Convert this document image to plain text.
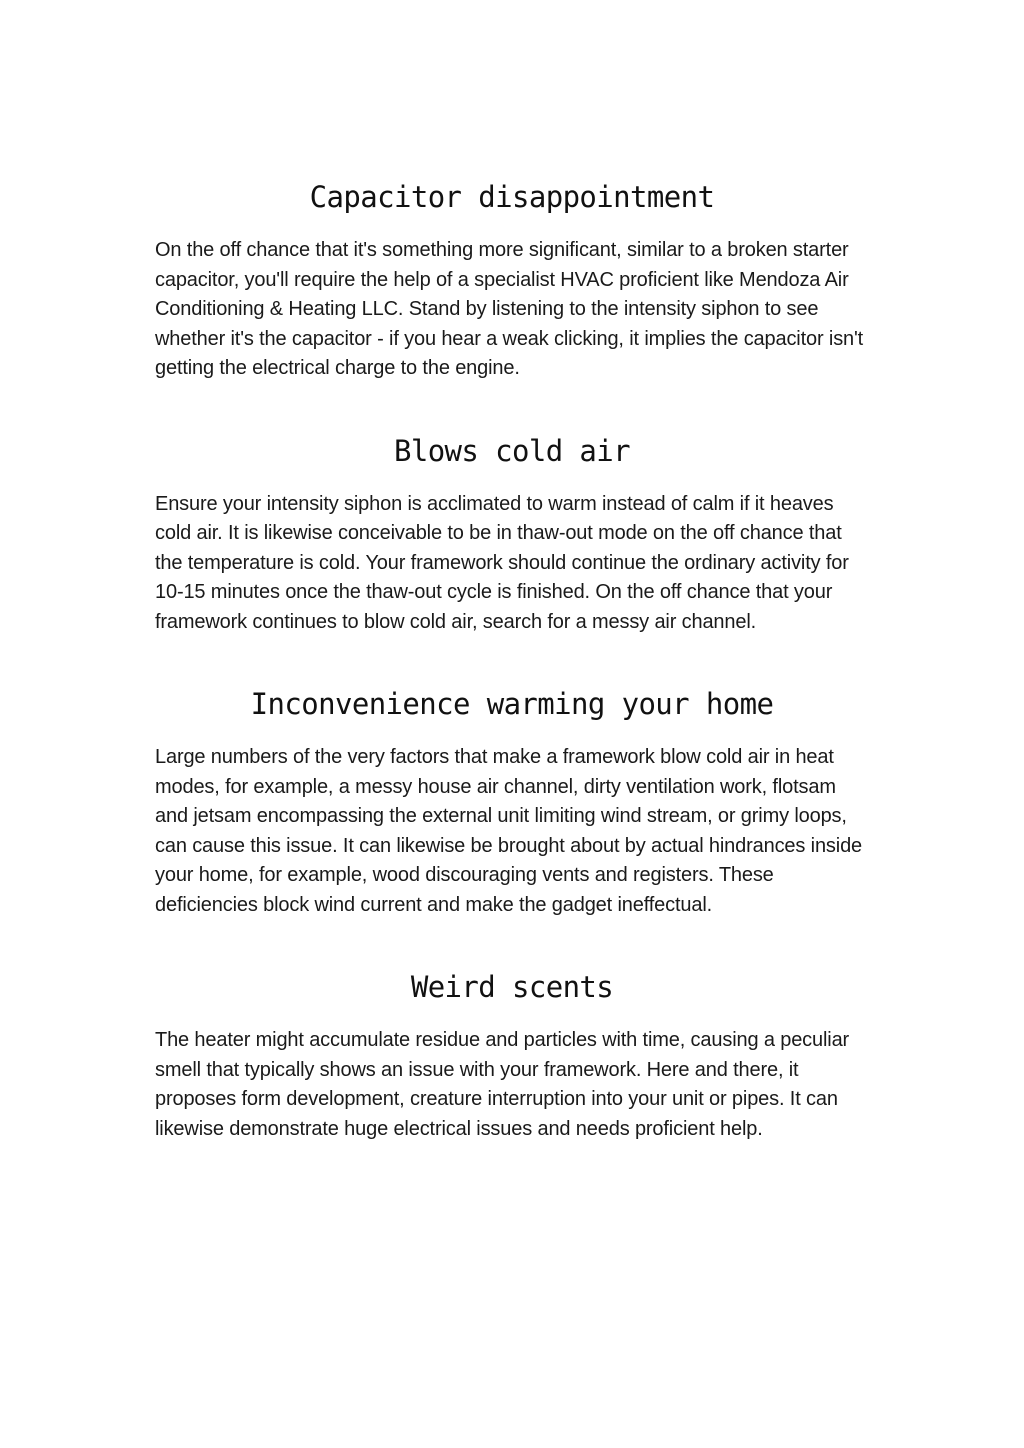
Capacitor disappointment

On the off chance that it's something more significant, similar to a broken starter capacitor, you'll require the help of a specialist HVAC proficient like Mendoza Air Conditioning & Heating LLC. Stand by listening to the intensity siphon to see whether it's the capacitor - if you hear a weak clicking, it implies the capacitor isn't getting the electrical charge to the engine.

Blows cold air

Ensure your intensity siphon is acclimated to warm instead of calm if it heaves cold air. It is likewise conceivable to be in thaw-out mode on the off chance that the temperature is cold. Your framework should continue the ordinary activity for 10-15 minutes once the thaw-out cycle is finished. On the off chance that your framework continues to blow cold air, search for a messy air channel.

Inconvenience warming your home

Large numbers of the very factors that make a framework blow cold air in heat modes, for example, a messy house air channel, dirty ventilation work, flotsam and jetsam encompassing the external unit limiting wind stream, or grimy loops, can cause this issue. It can likewise be brought about by actual hindrances inside your home, for example, wood discouraging vents and registers. These deficiencies block wind current and make the gadget ineffectual.

Weird scents

The heater might accumulate residue and particles with time, causing a peculiar smell that typically shows an issue with your framework. Here and there, it proposes form development, creature interruption into your unit or pipes. It can likewise demonstrate huge electrical issues and needs proficient help.
